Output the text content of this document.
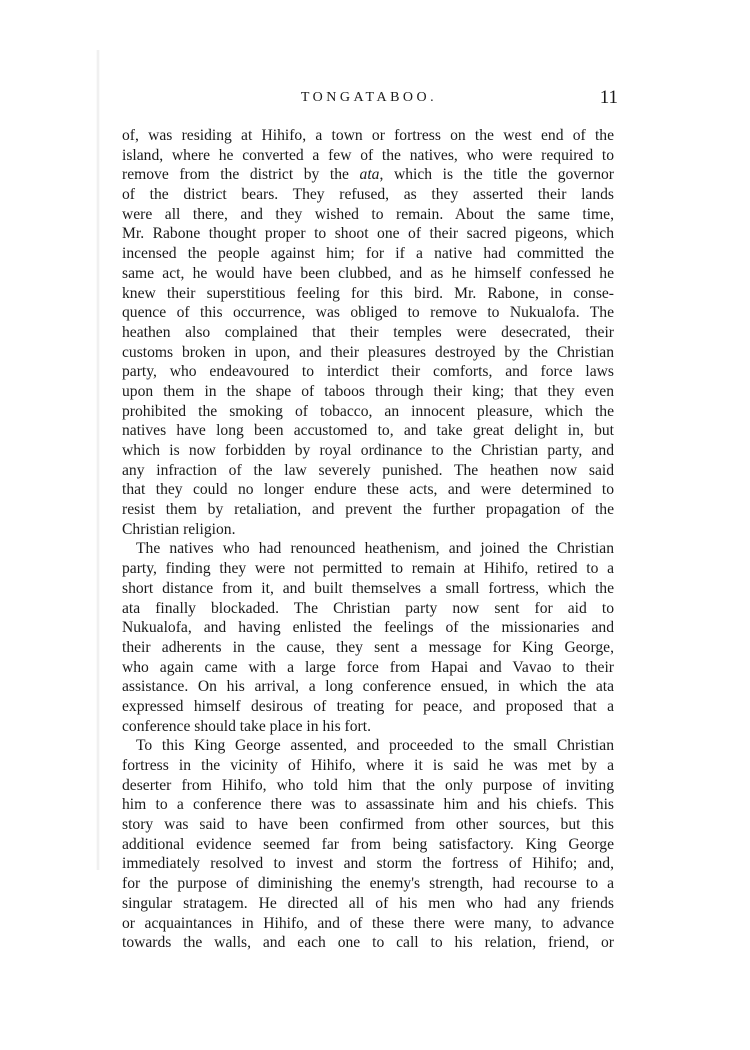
TONGATABOO.	11
of, was residing at Hihifo, a town or fortress on the west end of the
island, where he converted a few of the natives, who were required to
remove from the district by the ata, which is the title the governor
of the district bears. They refused, as they asserted their lands
were all there, and they wished to remain. About the same time,
Mr. Rabone thought proper to shoot one of their sacred pigeons, which
incensed the people against him; for if a native had committed the
same act, he would have been clubbed, and as he himself confessed he
knew their superstitious feeling for this bird. Mr. Rabone, in conse-
quence of this occurrence, was obliged to remove to Nukualofa. The
heathen also complained that their temples were desecrated, their
customs broken in upon, and their pleasures destroyed by the Christian
party, who endeavoured to interdict their comforts, and force laws
upon them in the shape of taboos through their king; that they even
prohibited the smoking of tobacco, an innocent pleasure, which the
natives have long been accustomed to, and take great delight in, but
which is now forbidden by royal ordinance to the Christian party, and
any infraction of the law severely punished. The heathen now said
that they could no longer endure these acts, and were determined to
resist them by retaliation, and prevent the further propagation of the
Christian religion.
The natives who had renounced heathenism, and joined the Christian
party, finding they were not permitted to remain at Hihifo, retired to a
short distance from it, and built themselves a small fortress, which the
ata finally blockaded. The Christian party now sent for aid to
Nukualofa, and having enlisted the feelings of the missionaries and
their adherents in the cause, they sent a message for King George,
who again came with a large force from Hapai and Vavao to their
assistance. On his arrival, a long conference ensued, in which the ata
expressed himself desirous of treating for peace, and proposed that a
conference should take place in his fort.
To this King George assented, and proceeded to the small Christian
fortress in the vicinity of Hihifo, where it is said he was met by a
deserter from Hihifo, who told him that the only purpose of inviting
him to a conference there was to assassinate him and his chiefs. This
story was said to have been confirmed from other sources, but this
additional evidence seemed far from being satisfactory. King George
immediately resolved to invest and storm the fortress of Hihifo; and,
for the purpose of diminishing the enemy's strength, had recourse to a
singular stratagem. He directed all of his men who had any friends
or acquaintances in Hihifo, and of these there were many, to advance
towards the walls, and each one to call to his relation, friend, or
